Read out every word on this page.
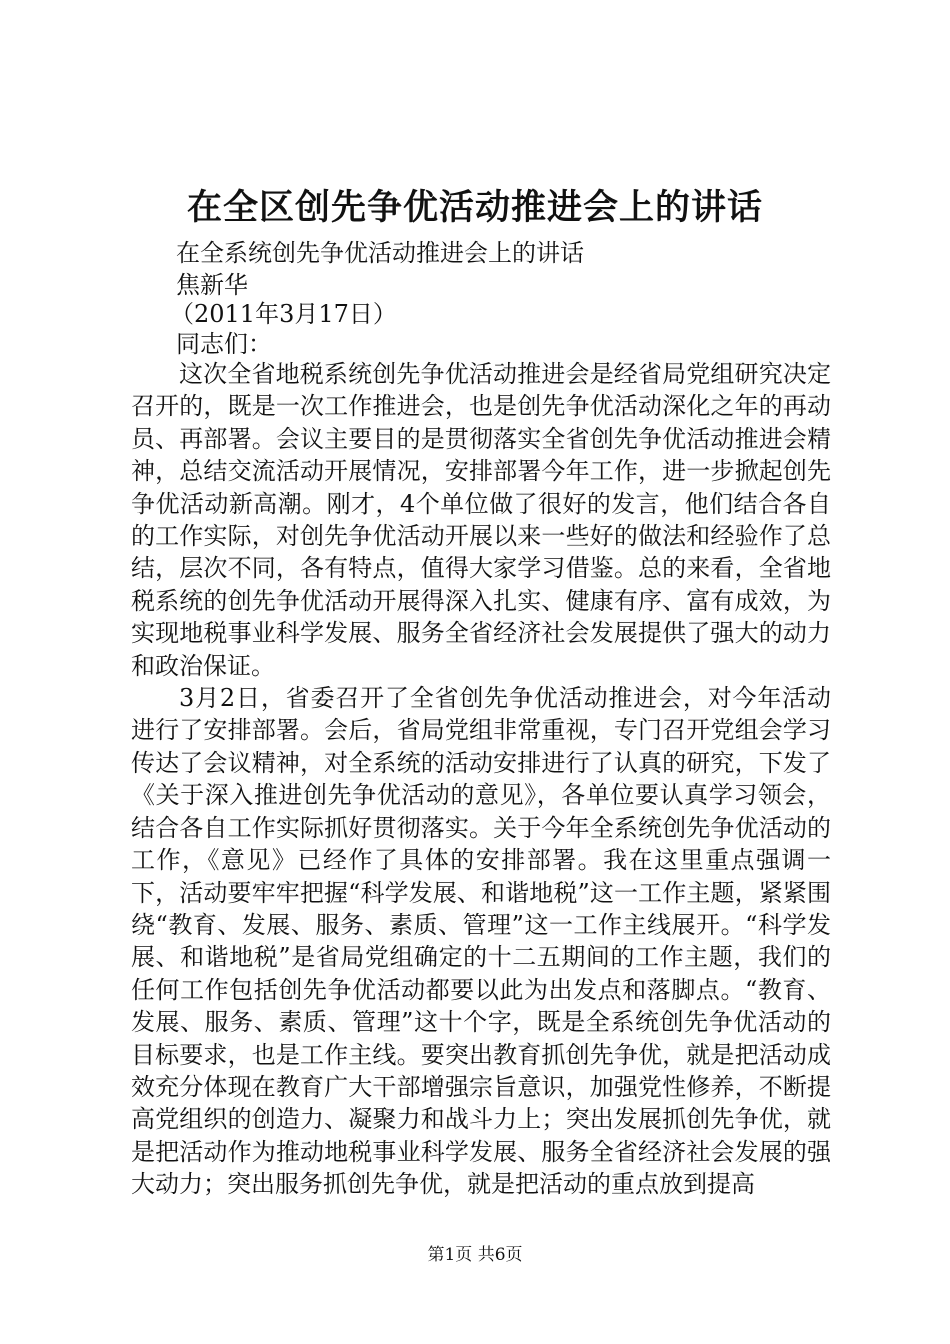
在全区创先争优活动推进会上的讲话
在全系统创先争优活动推进会上的讲话
焦新华
（2011年3月17日）
同志们：

这次全省地税系统创先争优活动推进会是经省局党组研究决定召开的，既是一次工作推进会，也是创先争优活动深化之年的再动员、再部署。会议主要目的是贯彻落实全省创先争优活动推进会精神，总结交流活动开展情况，安排部署今年工作，进一步掀起创先争优活动新高潮。刚才，4个单位做了很好的发言，他们结合各自的工作实际，对创先争优活动开展以来一些好的做法和经验作了总结，层次不同，各有特点，值得大家学习借鉴。总的来看，全省地税系统的创先争优活动开展得深入扎实、健康有序、富有成效，为实现地税事业科学发展、服务全省经济社会发展提供了强大的动力和政治保证。

3月2日，省委召开了全省创先争优活动推进会，对今年活动进行了安排部署。会后，省局党组非常重视，专门召开党组会学习传达了会议精神，对全系统的活动安排进行了认真的研究，下发了《关于深入推进创先争优活动的意见》，各单位要认真学习领会，结合各自工作实际抓好贯彻落实。关于今年全系统创先争优活动的工作，《意见》已经作了具体的安排部署。我在这里重点强调一下，活动要牢牢把握“科学发展、和谐地税”这一工作主题，紧紧围绕“教育、发展、服务、素质、管理”这一工作主线展开。“科学发展、和谐地税”是省局党组确定的十二五期间的工作主题，我们的任何工作包括创先争优活动都要以此为出发点和落脚点。“教育、发展、服务、素质、管理”这十个字，既是全系统创先争优活动的目标要求，也是工作主线。要突出教育抓创先争优，就是把活动成效充分体现在教育广大干部增强宗旨意识，加强党性修养，不断提高党组织的创造力、凝聚力和战斗力上；突出发展抓创先争优，就是把活动作为推动地税事业科学发展、服务全省经济社会发展的强大动力；突出服务抓创先争优，就是把活动的重点放到提高

第1页 共6页
